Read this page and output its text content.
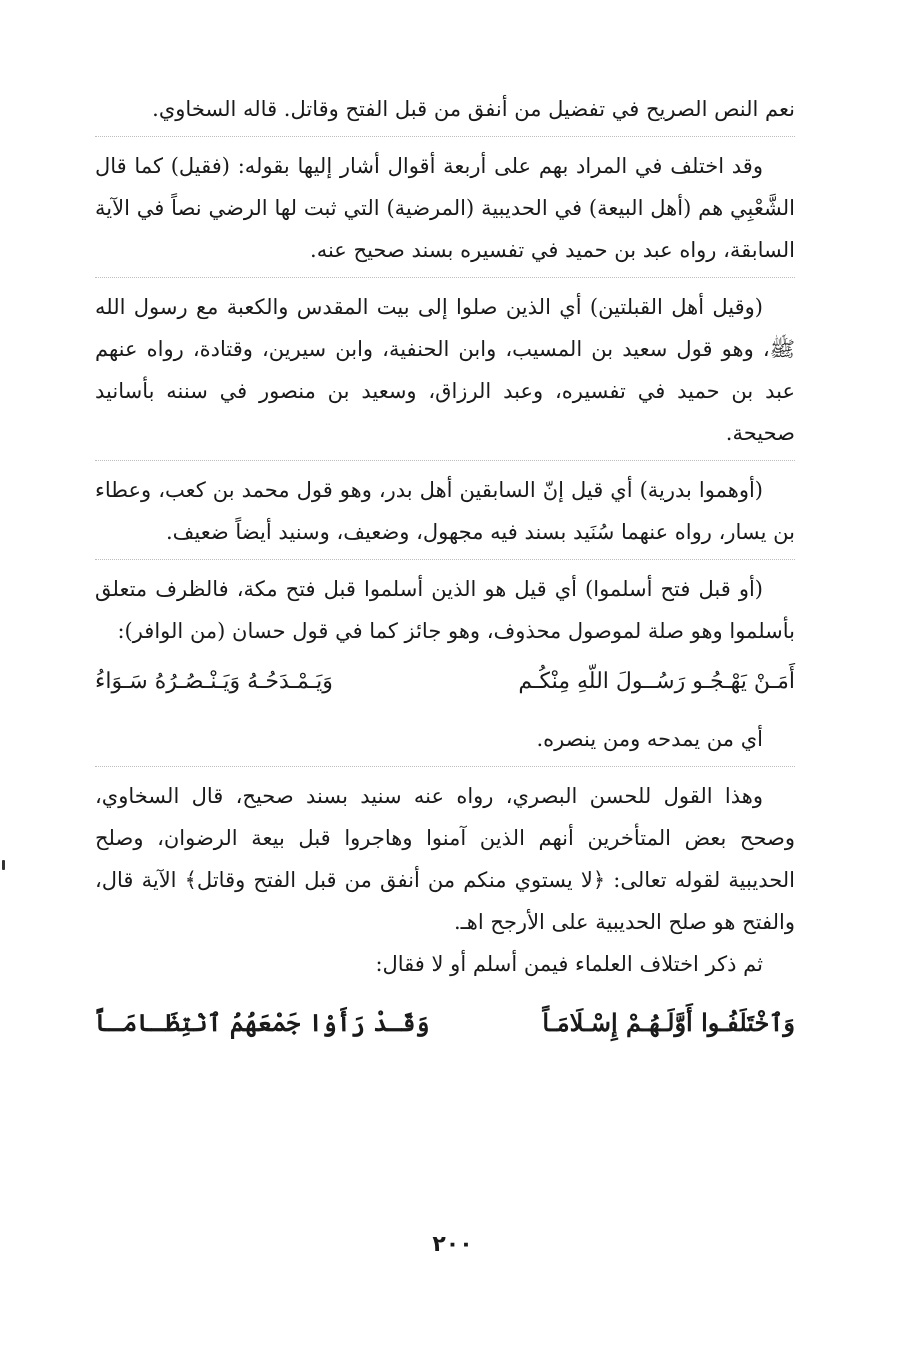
نعم النص الصريح في تفضيل من أنفق من قبل الفتح وقاتل. قاله السخاوي.

وقد اختلف في المراد بهم على أربعة أقوال أشار إليها بقوله: (فقيل) كما قال الشَّعْبِي هم (أهل البيعة) في الحديبية (المرضية) التي ثبت لها الرضي نصاً في الآية السابقة، رواه عبد بن حميد في تفسيره بسند صحيح عنه.

(وقيل أهل القبلتين) أي الذين صلوا إلى بيت المقدس والكعبة مع رسول الله ﷺ، وهو قول سعيد بن المسيب، وابن الحنفية، وابن سيرين، وقتادة، رواه عنهم عبد بن حميد في تفسيره، وعبد الرزاق، وسعيد بن منصور في سننه بأسانيد صحيحة.

(أوهموا بدرية) أي قيل إنّ السابقين أهل بدر، وهو قول محمد بن كعب، وعطاء بن يسار، رواه عنهما سُنَيد بسند فيه مجهول، وضعيف، وسنيد أيضاً ضعيف.

(أو قبل فتح أسلموا) أي قيل هو الذين أسلموا قبل فتح مكة، فالظرف متعلق بأسلموا وهو صلة لموصول محذوف، وهو جائز كما في قول حسان (من الوافر):

أَمَـنْ يَهْـجُـو رَسُــولَ اللّهِ مِنْكُـم
وَيَـمْـدَحُـهُ وَيَـنْـصُـرُهُ سَـوَاءُ

أي من يمدحه ومن ينصره.

وهذا القول للحسن البصري، رواه عنه سنيد بسند صحيح، قال السخاوي، وصحح بعض المتأخرين أنهم الذين آمنوا وهاجروا قبل بيعة الرضوان، وصلح الحديبية لقوله تعالى: ﴿لا يستوي منكم من أنفق من قبل الفتح وقاتل﴾ الآية قال، والفتح هو صلح الحديبية على الأرجح اهـ.

ثم ذكر اختلاف العلماء فيمن أسلم أو لا فقال:

وَٱخْتَلَفُـوا أَوَّلَـهُـمْ إِسْـلَامَـاً
وَقَـدْ رَأَوْا جَمْعَهُمُ ٱنْتِظَـامَـاً
٢٠٠
